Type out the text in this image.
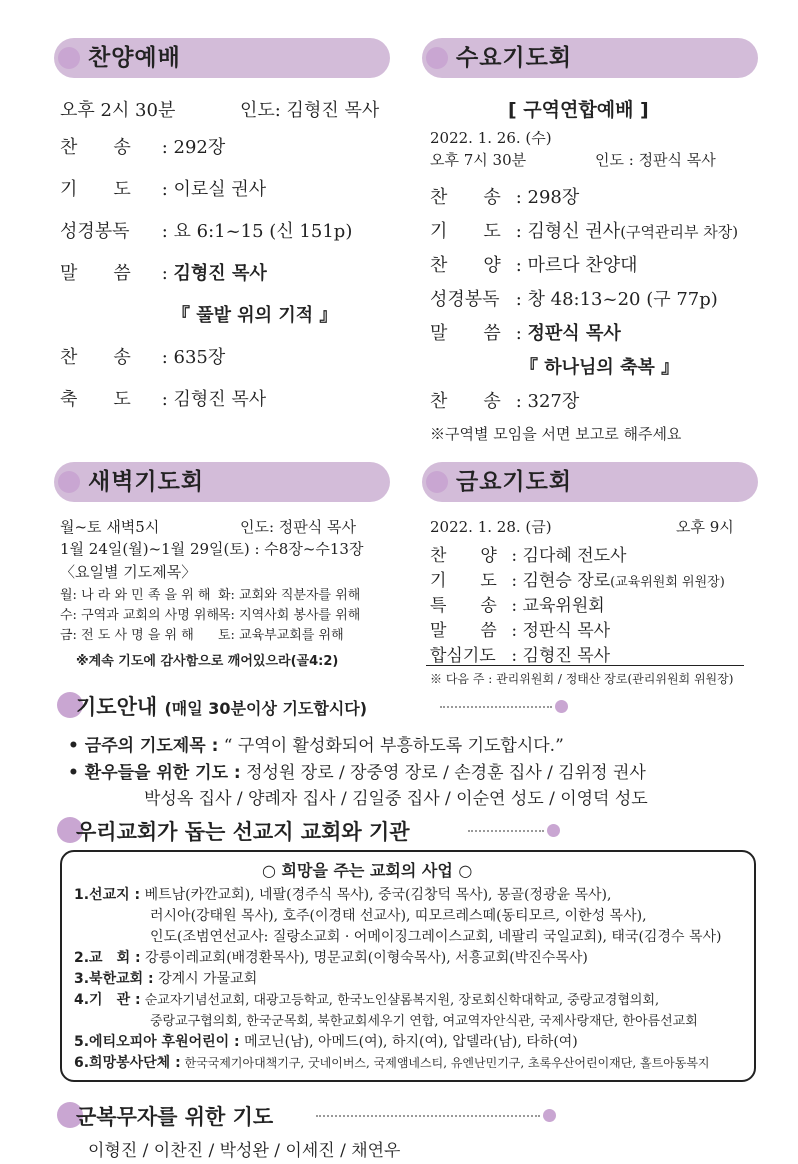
찬양예배
오후 2시 30분	인도: 김형진 목사
찬　　송 : 292장
기　　도 : 이로실 권사
성경봉독 : 요 6:1~15 (신 151p)
말　　씀 : 김형진 목사
『 풀밭 위의 기적 』
찬　　송 : 635장
축　　도 : 김형진 목사
수요기도회
[ 구역연합예배 ]
2022. 1. 26. (수)
오후 7시 30분	인도 : 정판식 목사
찬　　송 : 298장
기　　도 : 김형신 권사(구역관리부 차장)
찬　　양 : 마르다 찬양대
성경봉독 : 창 48:13~20 (구 77p)
말　　씀 : 정판식 목사
『 하나님의 축복 』
찬　　송 : 327장
※구역별 모임을 서면 보고로 해주세요
새벽기도회
월~토 새벽5시	인도: 정판식 목사
1월 24일(월)~1월 29일(토) : 수8장~수13장
〈요일별 기도제목〉
월: 나 라 와 민 족 을 위 해 화: 교회와 직분자를 위해
수: 구역과 교회의 사명 위해목: 지역사회 봉사를 위해
금: 전 도 사 명 을 위 해 토: 교육부교회를 위해
※계속 기도에 감사함으로 깨어있으라(골4:2)
금요기도회
2022. 1. 28. (금)	오후 9시
찬　　양 : 김다혜 전도사
기　　도 : 김현승 장로(교육위원회 위원장)
특　　송 : 교육위원회
말　　씀 : 정판식 목사
합심기도 : 김형진 목사
※ 다음 주 : 관리위원회 / 정태산 장로(관리위원회 위원장)
기도안내 (매일 30분이상 기도합시다)
• 금주의 기도제목 : “ 구역이 활성화되어 부흥하도록 기도합시다.”
• 환우들을 위한 기도 : 정성원 장로 / 장중영 장로 / 손경훈 집사 / 김위정 권사
박성옥 집사 / 양례자 집사 / 김일중 집사 / 이순연 성도 / 이영덕 성도
우리교회가 돕는 선교지 교회와 기관
○ 희망을 주는 교회의 사업 ○
1.선교지 : 베트남(카깐교회), 네팔(경주식 목사), 중국(김창덕 목사), 몽골(정광윤 목사),
러시아(강태원 목사), 호주(이경태 선교사), 띠모르레스떼(동티모르, 이한성 목사),
인도(조범연선교사: 질랑소교회 · 어메이징그레이스교회, 네팔리 국일교회), 태국(김경수 목사)
2.교　회 : 강릉이레교회(배경환목사), 명문교회(이형숙목사), 서흥교회(박진수목사)
3.북한교회 : 강계시 가물교회
4.기　관 : 순교자기념선교회, 대광고등학교, 한국노인샬롬복지원, 장로회신학대학교, 중랑교경협의회,
중랑교구협의회, 한국군목회, 북한교회세우기 연합, 여교역자안식관, 국제사랑재단, 한아름선교회
5.에티오피아 후원어린이 : 메코닌(남), 아메드(여), 하지(여), 압델라(남), 타하(여)
6.희망봉사단체 : 한국국제기아대책기구, 굿네이버스, 국제앰네스티, 유엔난민기구, 초록우산어린이재단, 홀트아동복지
군복무자를 위한 기도
이형진 / 이찬진 / 박성완 / 이세진 / 채연우
